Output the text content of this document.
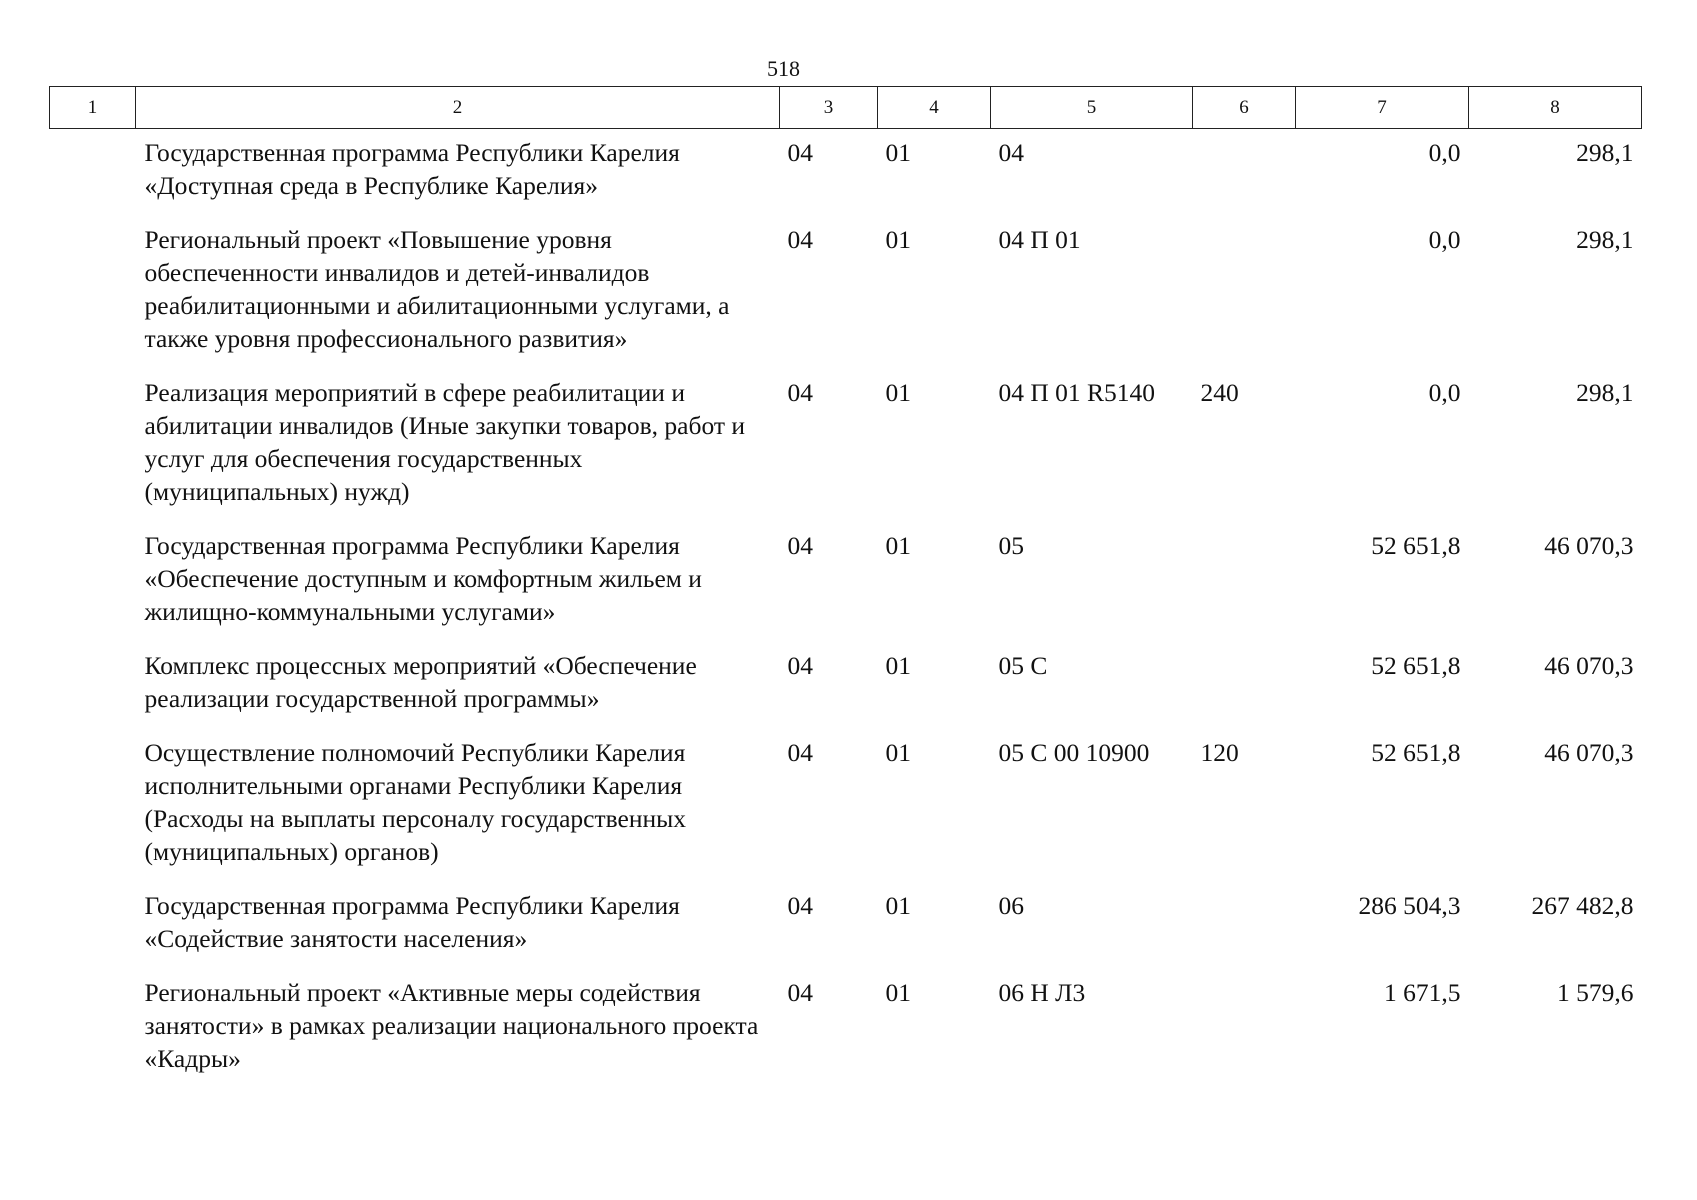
518
1	2	3	4	5	6	7	8
	Государственная программа Республики Карелия «Доступная среда в Республике Карелия»	04	01	04		0,0	298,1
	Региональный проект «Повышение уровня обеспеченности инвалидов и детей-инвалидов реабилитационными и абилитационными услугами, а также уровня профессионального развития»	04	01	04 П 01		0,0	298,1
	Реализация мероприятий в сфере реабилитации и абилитации инвалидов (Иные закупки товаров, работ и услуг для обеспечения государственных (муниципальных) нужд)	04	01	04 П 01 R5140	240	0,0	298,1
	Государственная программа Республики Карелия «Обеспечение доступным и комфортным жильем и жилищно-коммунальными услугами»	04	01	05		52 651,8	46 070,3
	Комплекс процессных мероприятий «Обеспечение реализации государственной программы»	04	01	05 С		52 651,8	46 070,3
	Осуществление полномочий Республики Карелия исполнительными органами Республики Карелия (Расходы на выплаты персоналу государственных (муниципальных) органов)	04	01	05 С 00 10900	120	52 651,8	46 070,3
	Государственная программа Республики Карелия «Содействие занятости населения»	04	01	06		286 504,3	267 482,8
	Региональный проект «Активные меры содействия занятости» в рамках реализации национального проекта «Кадры»	04	01	06 Н Л3		1 671,5	1 579,6
